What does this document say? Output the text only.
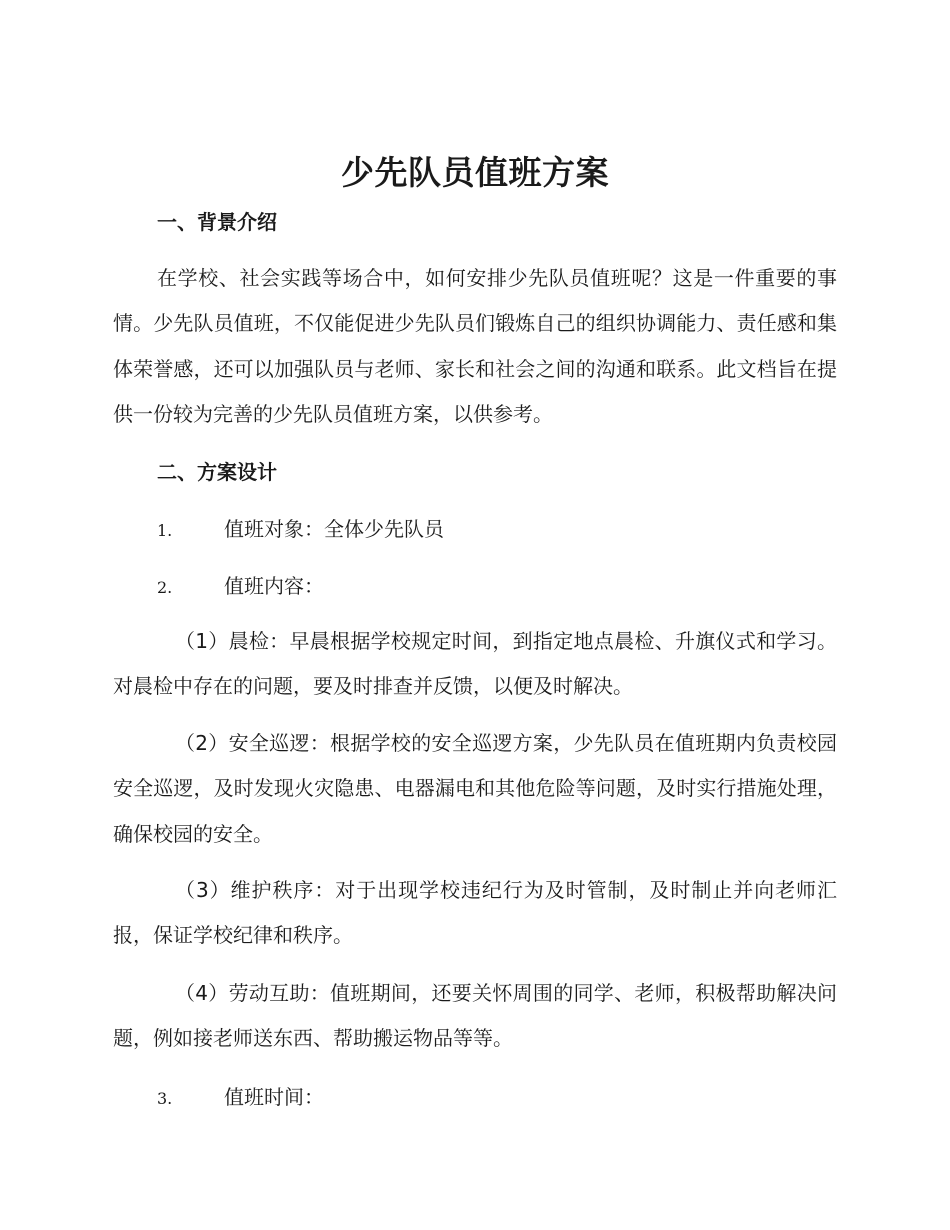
少先队员值班方案
一、背景介绍

在学校、社会实践等场合中，如何安排少先队员值班呢？这是一件重要的事情。少先队员值班，不仅能促进少先队员们锻炼自己的组织协调能力、责任感和集体荣誉感，还可以加强队员与老师、家长和社会之间的沟通和联系。此文档旨在提供一份较为完善的少先队员值班方案，以供参考。

二、方案设计
1.	值班对象：全体少先队员
2.	值班内容：

（1）晨检：早晨根据学校规定时间，到指定地点晨检、升旗仪式和学习。对晨检中存在的问题，要及时排查并反馈，以便及时解决。

（2）安全巡逻：根据学校的安全巡逻方案，少先队员在值班期内负责校园安全巡逻，及时发现火灾隐患、电器漏电和其他危险等问题，及时实行措施处理，确保校园的安全。

（3）维护秩序：对于出现学校违纪行为及时管制，及时制止并向老师汇报，保证学校纪律和秩序。

（4）劳动互助：值班期间，还要关怀周围的同学、老师，积极帮助解决问题，例如接老师送东西、帮助搬运物品等等。

3.	值班时间：
